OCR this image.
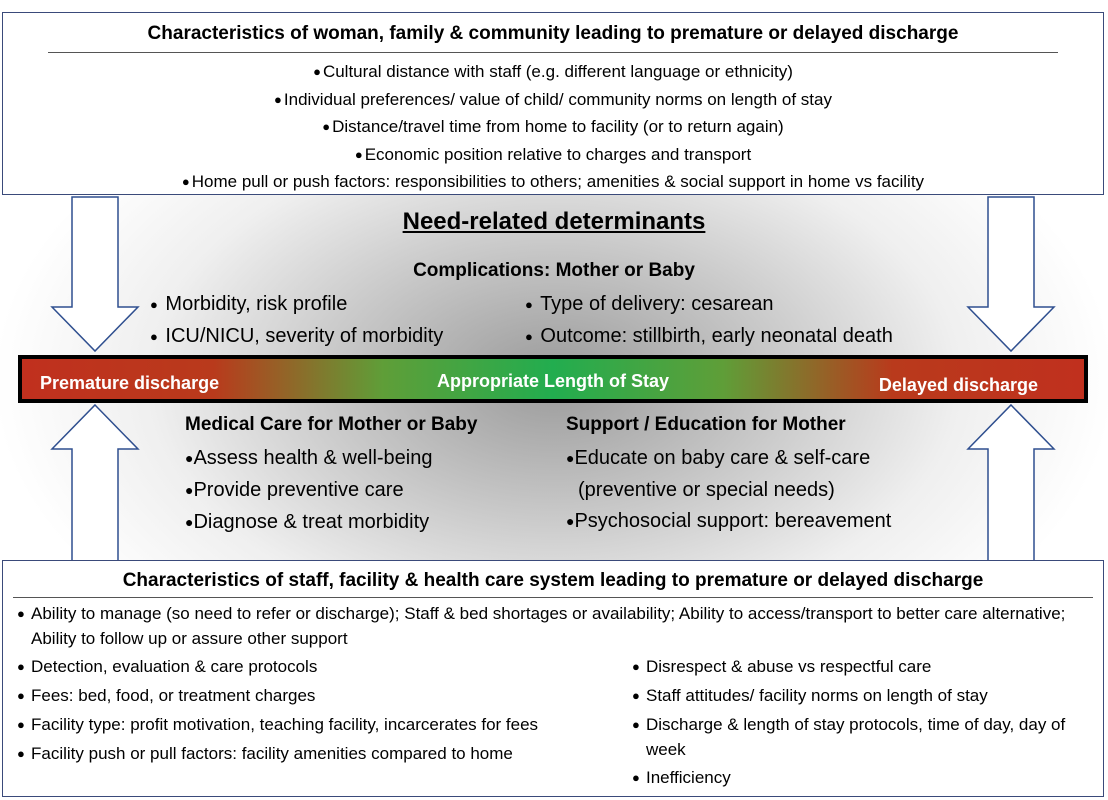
Characteristics of woman, family & community leading to premature or delayed discharge
● Cultural distance with staff (e.g. different language or ethnicity)
● Individual preferences/ value of child/ community norms on length of stay
● Distance/travel time from home to facility (or to return again)
● Economic position relative to charges and transport
● Home pull or push factors: responsibilities to others; amenities & social support in home vs facility
Need-related determinants
Complications: Mother or Baby
● Morbidity, risk profile
● ICU/NICU, severity of morbidity
● Type of delivery: cesarean
● Outcome: stillbirth, early neonatal death
Premature discharge	Appropriate Length of Stay	Delayed discharge
Medical Care for Mother or Baby	Support / Education for Mother
●Assess health & well-being
●Provide preventive care
●Diagnose & treat morbidity
●Educate on baby care & self-care (preventive or special needs)
●Psychosocial support: bereavement
Characteristics of staff, facility & health care system leading to premature or delayed discharge
● Ability to manage (so need to refer or discharge); Staff & bed shortages or availability; Ability to access/transport to better care alternative; Ability to follow up or assure other support
● Detection, evaluation & care protocols
● Fees: bed, food, or treatment charges
● Facility type: profit motivation, teaching facility, incarcerates for fees
● Facility push or pull factors: facility amenities compared to home
● Disrespect & abuse vs respectful care
● Staff attitudes/ facility norms on length of stay
● Discharge & length of stay protocols, time of day, day of week
● Inefficiency
